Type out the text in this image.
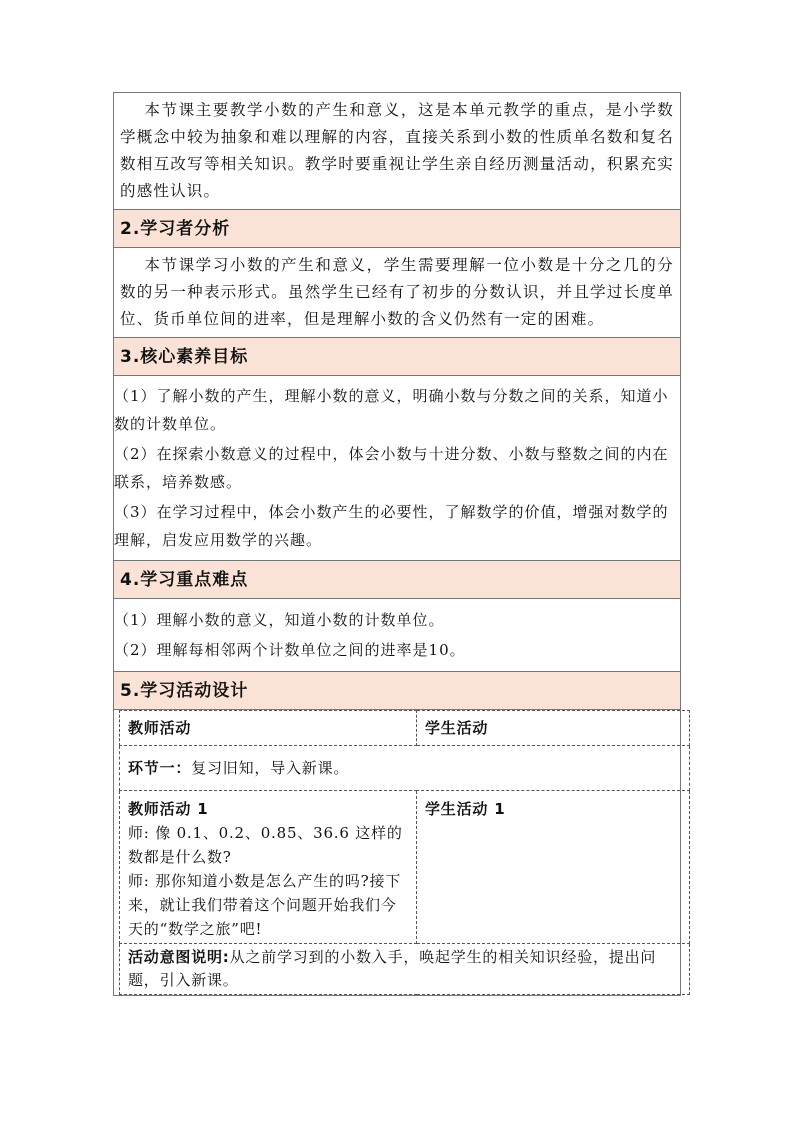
本节课主要教学小数的产生和意义，这是本单元教学的重点，是小学数学概念中较为抽象和难以理解的内容，直接关系到小数的性质单名数和复名数相互改写等相关知识。教学时要重视让学生亲自经历测量活动，积累充实的感性认识。
2.学习者分析
本节课学习小数的产生和意义，学生需要理解一位小数是十分之几的分数的另一种表示形式。虽然学生已经有了初步的分数认识，并且学过长度单位、货币单位间的进率，但是理解小数的含义仍然有一定的困难。
3.核心素养目标

（1）了解小数的产生，理解小数的意义，明确小数与分数之间的关系，知道小数的计数单位。

（2）在探索小数意义的过程中，体会小数与十进分数、小数与整数之间的内在联系，培养数感。

（3）在学习过程中，体会小数产生的必要性，了解数学的价值，增强对数学的理解，启发应用数学的兴趣。

4.学习重点难点

（1）理解小数的意义，知道小数的计数单位。

（2）理解每相邻两个计数单位之间的进率是10。

5.学习活动设计
教师活动	学生活动
环节一：复习旧知，导入新课。	

教师活动 1
师: 像 0.1、0.2、0.85、36.6 这样的数都是什么数?
师: 那你知道小数是怎么产生的吗?接下来，就让我们带着这个问题开始我们今天的“数学之旅”吧!	学生活动 1

活动意图说明:从之前学习到的小数入手，唤起学生的相关知识经验，提出问题，引入新课。	
